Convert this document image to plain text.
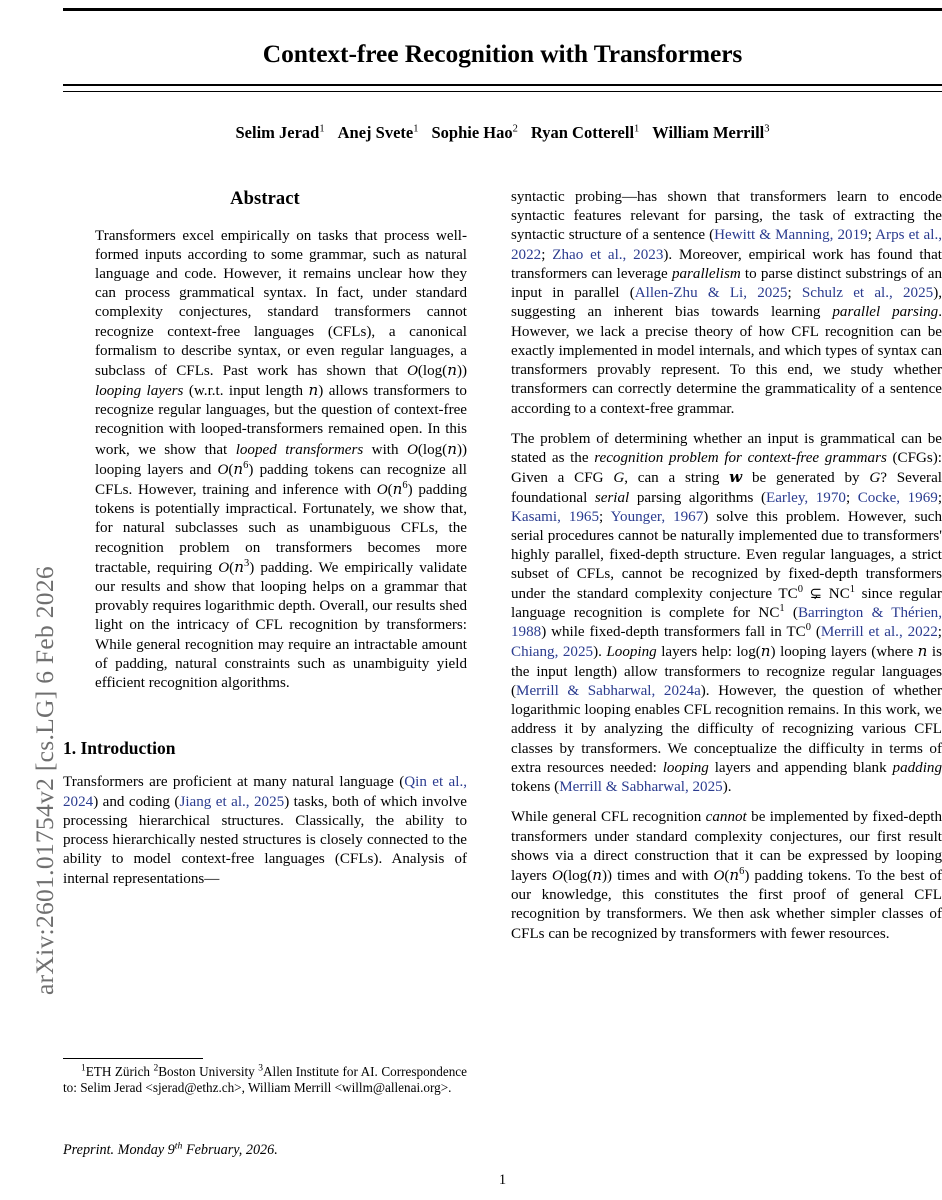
arXiv:2601.01754v2 [cs.LG] 6 Feb 2026
Context-free Recognition with Transformers
Selim Jerad$^1$ Anej Svete$^1$ Sophie Hao$^2$ Ryan Cotterell$^1$ William Merrill$^3$
Abstract
Transformers excel empirically on tasks that process well-formed inputs according to some grammar, such as natural language and code. However, it remains unclear how they can process grammatical syntax. In fact, under standard complexity conjectures, standard transformers cannot recognize context-free languages (CFLs), a canonical formalism to describe syntax, or even regular languages, a subclass of CFLs. Past work has shown that O(log(n)) looping layers (w.r.t. input length n) allows transformers to recognize regular languages, but the question of context-free recognition with looped-transformers remained open. In this work, we show that looped transformers with O(log(n)) looping layers and $O(n^6)$ padding tokens can recognize all CFLs. However, training and inference with $O(n^6)$ padding tokens is potentially impractical. Fortunately, we show that, for natural subclasses such as unambiguous CFLs, the recognition problem on transformers becomes more tractable, requiring $O(n^3)$ padding. We empirically validate our results and show that looping helps on a grammar that provably requires logarithmic depth. Overall, our results shed light on the intricacy of CFL recognition by transformers: While general recognition may require an intractable amount of padding, natural constraints such as unambiguity yield efficient recognition algorithms.
1. Introduction

Transformers are proficient at many natural language (Qin et al., 2024) and coding (Jiang et al., 2025) tasks, both of which involve processing hierarchical structures. Classically, the ability to process hierarchically nested structures is closely connected to the ability to model context-free languages (CFLs). Analysis of internal representations—

syntactic probing—has shown that transformers learn to encode syntactic features relevant for parsing, the task of extracting the syntactic structure of a sentence (Hewitt & Manning, 2019; Arps et al., 2022; Zhao et al., 2023). Moreover, empirical work has found that transformers can leverage parallelism to parse distinct substrings of an input in parallel (Allen-Zhu & Li, 2025; Schulz et al., 2025), suggesting an inherent bias towards learning parallel parsing. However, we lack a precise theory of how CFL recognition can be exactly implemented in model internals, and which types of syntax can transformers provably represent. To this end, we study whether transformers can correctly determine the grammaticality of a sentence according to a context-free grammar.

The problem of determining whether an input is grammatical can be stated as the recognition problem for context-free grammars (CFGs): Given a CFG G, can a string w be generated by G? Several foundational serial parsing algorithms (Earley, 1970; Cocke, 1969; Kasami, 1965; Younger, 1967) solve this problem. However, such serial procedures cannot be naturally implemented due to transformers' highly parallel, fixed-depth structure. Even regular languages, a strict subset of CFLs, cannot be recognized by fixed-depth transformers under the standard complexity conjecture $TC^0$ ⊊ $NC^1$ since regular language recognition is complete for $NC^1$ (Barrington & Thérien, 1988) while fixed-depth transformers fall in $TC^0$ (Merrill et al., 2022; Chiang, 2025). Looping layers help: log(n) looping layers (where n is the input length) allow transformers to recognize regular languages (Merrill & Sabharwal, 2024a). However, the question of whether logarithmic looping enables CFL recognition remains. In this work, we address it by analyzing the difficulty of recognizing various CFL classes by transformers. We conceptualize the difficulty in terms of extra resources needed: looping layers and appending blank padding tokens (Merrill & Sabharwal, 2025).

While general CFL recognition cannot be implemented by fixed-depth transformers under standard complexity conjectures, our first result shows via a direct construction that it can be expressed by looping layers O(log(n)) times and with $O(n^6)$ padding tokens. To the best of our knowledge, this constitutes the first proof of general CFL recognition by transformers. We then ask whether simpler classes of CFLs can be recognized by transformers with fewer resources.

$^1$ETH Zürich $^2$Boston University $^3$Allen Institute for AI. Correspondence to: Selim Jerad <sjerad@ethz.ch>, William Merrill <willm@allenai.org>.

Preprint. Monday 9th February, 2026.
1
